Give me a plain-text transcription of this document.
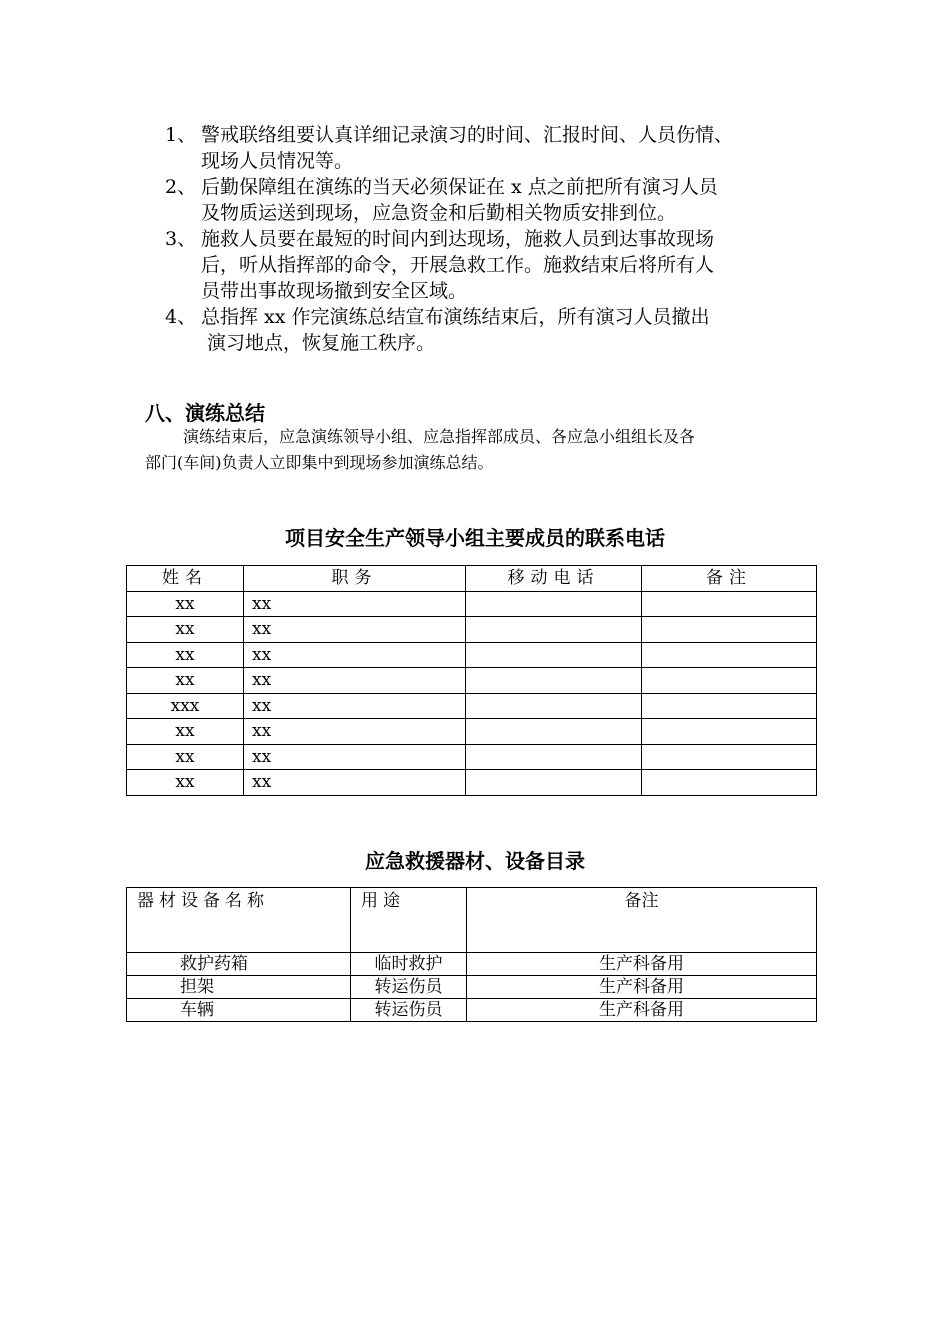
1、 警戒联络组要认真详细记录演习的时间、汇报时间、人员伤情、
现场人员情况等。
2、 后勤保障组在演练的当天必须保证在 x 点之前把所有演习人员
及物质运送到现场，应急资金和后勤相关物质安排到位。
3、 施救人员要在最短的时间内到达现场，施救人员到达事故现场
后，听从指挥部的命令，开展急救工作。施救结束后将所有人
员带出事故现场撤到安全区域。
4、 总指挥 xx 作完演练总结宣布演练结束后，所有演习人员撤出
演习地点，恢复施工秩序。
八、演练总结
演练结束后，应急演练领导小组、应急指挥部成员、各应急小组组长及各
部门(车间)负责人立即集中到现场参加演练总结。
项目安全生产领导小组主要成员的联系电话
姓名	职务	移动电话	备注
xx	xx		
xx	xx		
xx	xx		
xx	xx		
xxx	xx		
xx	xx		
xx	xx		
xx	xx		
应急救援器材、设备目录
器材设备名称	用途	备注
救护药箱	临时救护	生产科备用
担架	转运伤员	生产科备用
车辆	转运伤员	生产科备用
